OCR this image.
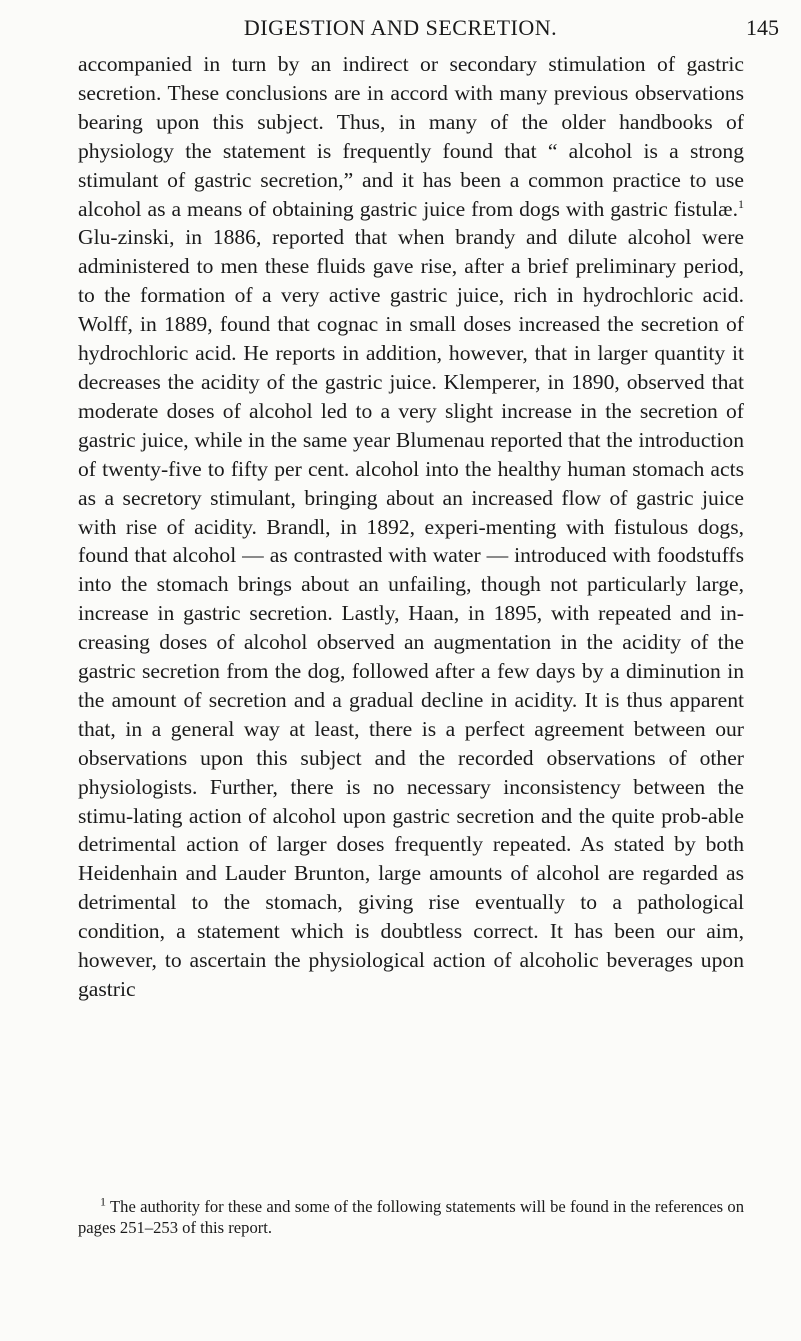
DIGESTION AND SECRETION.	145

accompanied in turn by an indirect or secondary stimulation of gastric secretion. These conclusions are in accord with many previous observations bearing upon this subject. Thus, in many of the older handbooks of physiology the statement is frequently found that “ alcohol is a strong stimulant of gastric secretion,” and it has been a common practice to use alcohol as a means of obtaining gastric juice from dogs with gastric fistulæ.$^1$ Glu-zinski, in 1886, reported that when brandy and dilute alcohol were administered to men these fluids gave rise, after a brief preliminary period, to the formation of a very active gastric juice, rich in hydrochloric acid. Wolff, in 1889, found that cognac in small doses increased the secretion of hydrochloric acid. He reports in addition, however, that in larger quantity it decreases the acidity of the gastric juice. Klemperer, in 1890, observed that moderate doses of alcohol led to a very slight increase in the secretion of gastric juice, while in the same year Blumenau reported that the introduction of twenty-five to fifty per cent. alcohol into the healthy human stomach acts as a secretory stimulant, bringing about an increased flow of gastric juice with rise of acidity. Brandl, in 1892, experi-menting with fistulous dogs, found that alcohol — as contrasted with water — introduced with foodstuffs into the stomach brings about an unfailing, though not particularly large, increase in gastric secretion. Lastly, Haan, in 1895, with repeated and in-creasing doses of alcohol observed an augmentation in the acidity of the gastric secretion from the dog, followed after a few days by a diminution in the amount of secretion and a gradual decline in acidity. It is thus apparent that, in a general way at least, there is a perfect agreement between our observations upon this subject and the recorded observations of other physiologists. Further, there is no necessary inconsistency between the stimu-lating action of alcohol upon gastric secretion and the quite prob-able detrimental action of larger doses frequently repeated. As stated by both Heidenhain and Lauder Brunton, large amounts of alcohol are regarded as detrimental to the stomach, giving rise eventually to a pathological condition, a statement which is doubtless correct. It has been our aim, however, to ascertain the physiological action of alcoholic beverages upon gastric

$^1$ The authority for these and some of the following statements will be found in the references on pages 251–253 of this report.
